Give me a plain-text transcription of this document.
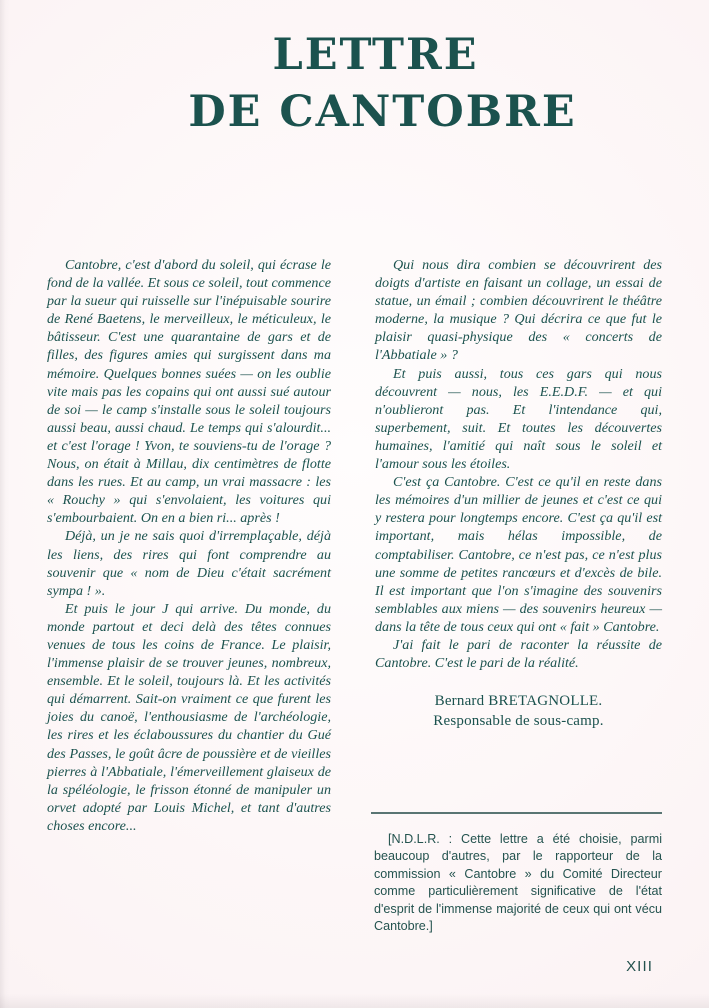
LETTRE
DE CANTOBRE

Cantobre, c'est d'abord du soleil, qui écrase le fond de la vallée. Et sous ce soleil, tout commence par la sueur qui ruisselle sur l'inépuisable sourire de René Baetens, le merveilleux, le méticuleux, le bâtisseur. C'est une quarantaine de gars et de filles, des figures amies qui surgissent dans ma mémoire. Quelques bonnes suées — on les oublie vite mais pas les copains qui ont aussi sué autour de soi — le camp s'installe sous le soleil toujours aussi beau, aussi chaud. Le temps qui s'alourdit... et c'est l'orage ! Yvon, te souviens-tu de l'orage ? Nous, on était à Millau, dix centimètres de flotte dans les rues. Et au camp, un vrai massacre : les « Rouchy » qui s'envolaient, les voitures qui s'embourbaient. On en a bien ri... après !

Déjà, un je ne sais quoi d'irremplaçable, déjà les liens, des rires qui font comprendre au souvenir que « nom de Dieu c'était sacrément sympa ! ».

Et puis le jour J qui arrive. Du monde, du monde partout et deci delà des têtes connues venues de tous les coins de France. Le plaisir, l'immense plaisir de se trouver jeunes, nombreux, ensemble. Et le soleil, toujours là. Et les activités qui démarrent. Sait-on vraiment ce que furent les joies du canoë, l'enthousiasme de l'archéologie, les rires et les éclaboussures du chantier du Gué des Passes, le goût âcre de poussière et de vieilles pierres à l'Abbatiale, l'émerveillement glaiseux de la spéléologie, le frisson étonné de manipuler un orvet adopté par Louis Michel, et tant d'autres choses encore...

Qui nous dira combien se découvrirent des doigts d'artiste en faisant un collage, un essai de statue, un émail ; combien découvrirent le théâtre moderne, la musique ? Qui décrira ce que fut le plaisir quasi-physique des « concerts de l'Abbatiale » ?

Et puis aussi, tous ces gars qui nous découvrent — nous, les E.E.D.F. — et qui n'oublieront pas. Et l'intendance qui, superbement, suit. Et toutes les découvertes humaines, l'amitié qui naît sous le soleil et l'amour sous les étoiles.

C'est ça Cantobre. C'est ce qu'il en reste dans les mémoires d'un millier de jeunes et c'est ce qui y restera pour longtemps encore. C'est ça qu'il est important, mais hélas impossible, de comptabiliser. Cantobre, ce n'est pas, ce n'est plus une somme de petites rancœurs et d'excès de bile. Il est important que l'on s'imagine des souvenirs semblables aux miens — des souvenirs heureux — dans la tête de tous ceux qui ont « fait » Cantobre.

J'ai fait le pari de raconter la réussite de Cantobre. C'est le pari de la réalité.

Bernard BRETAGNOLLE.
Responsable de sous-camp.

[N.D.L.R. : Cette lettre a été choisie, parmi beaucoup d'autres, par le rapporteur de la commission « Cantobre » du Comité Directeur comme particulièrement significative de l'état d'esprit de l'immense majorité de ceux qui ont vécu Cantobre.]

XIII
